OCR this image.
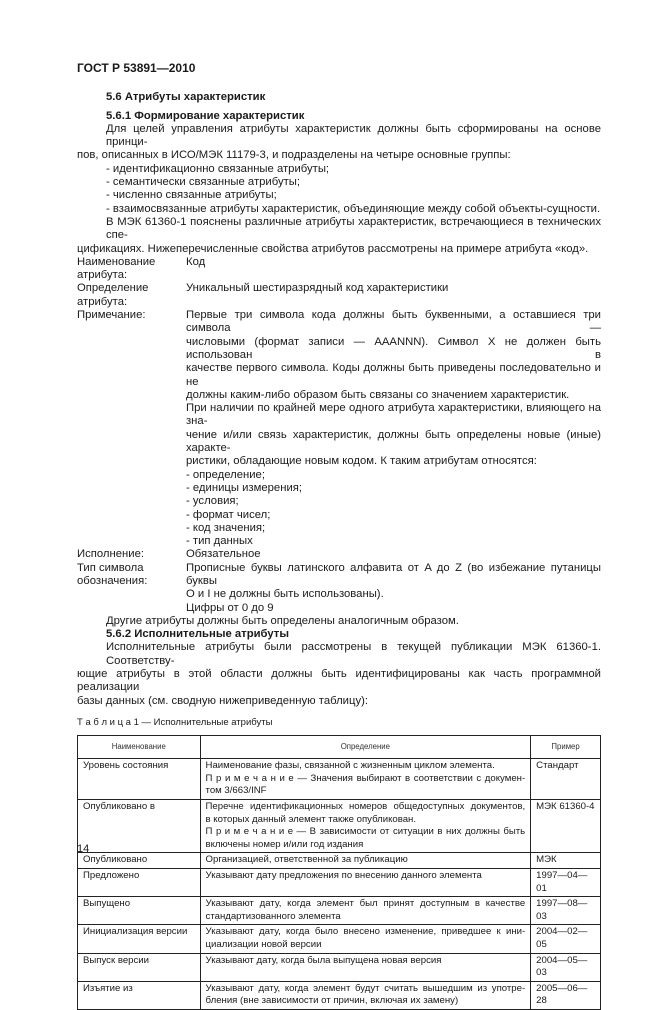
ГОСТ Р 53891—2010
5.6 Атрибуты характеристик
5.6.1 Формирование характеристик
Для целей управления атрибуты характеристик должны быть сформированы на основе принци-
пов, описанных в ИСО/МЭК 11179-3, и подразделены на четыре основные группы:
- идентификационно связанные атрибуты;
- семантически связанные атрибуты;
- численно связанные атрибуты;
- взаимосвязанные атрибуты характеристик, объединяющие между собой объекты-сущности.
В МЭК 61360-1 пояснены различные атрибуты характеристик, встречающиеся в технических спе-
цификациях. Нижеперечисленные свойства атрибутов рассмотрены на примере атрибута «код».
Наименование
атрибута:
Код
Определение
атрибута:
Уникальный шестиразрядный код характеристики
Примечание:	Первые три символа кода должны быть буквенными, а оставшиеся три символа —
числовыми (формат записи — AAANNN). Символ X не должен быть использован в
качестве первого символа. Коды должны быть приведены последовательно и не
должны каким-либо образом быть связаны со значением характеристик.
При наличии по крайней мере одного атрибута характеристики, влияющего на зна-
чение и/или связь характеристик, должны быть определены новые (иные) характе-
ристики, обладающие новым кодом. К таким атрибутам относятся:
- определение;
- единицы измерения;
- условия;
- формат чисел;
- код значения;
- тип данных
Исполнение:	Обязательное
Тип символа
обозначения:
Прописные буквы латинского алфавита от A до Z (во избежание путаницы буквы
O и I не должны быть использованы).
Цифры от 0 до 9
Другие атрибуты должны быть определены аналогичным образом.
5.6.2 Исполнительные атрибуты
Исполнительные атрибуты были рассмотрены в текущей публикации МЭК 61360-1. Соответству-
ющие атрибуты в этой области должны быть идентифицированы как часть программной реализации
базы данных (см. сводную нижеприведенную таблицу):
Т а б л и ц а 1 — Исполнительные атрибуты
Наименование	Определение	Пример
Уровень состояния	Наименование фазы, связанной с жизненным циклом элемента.
П р и м е ч а н и е — Значения выбирают в соответствии с докумен-
том 3/663/INF	Стандарт
Опубликовано в	Перечне идентификационных номеров общедоступных документов,
в которых данный элемент также опубликован.
П р и м е ч а н и е — В зависимости от ситуации в них должны быть
включены номер и/или год издания	МЭК 61360-4
Опубликовано	Организацией, ответственной за публикацию	МЭК
Предложено	Указывают дату предложения по внесению данного элемента	1997—04—01
Выпущено	Указывают дату, когда элемент был принят доступным в качестве
стандартизованного элемента	1997—08—03
Инициализация версии	Указывают дату, когда было внесено изменение, приведшее к ини-
циализации новой версии	2004—02—05
Выпуск версии	Указывают дату, когда была выпущена новая версия	2004—05—03
Изъятие из	Указывают дату, когда элемент будут считать вышедшим из употре-
бления (вне зависимости от причин, включая их замену)	2005—06—28
14
